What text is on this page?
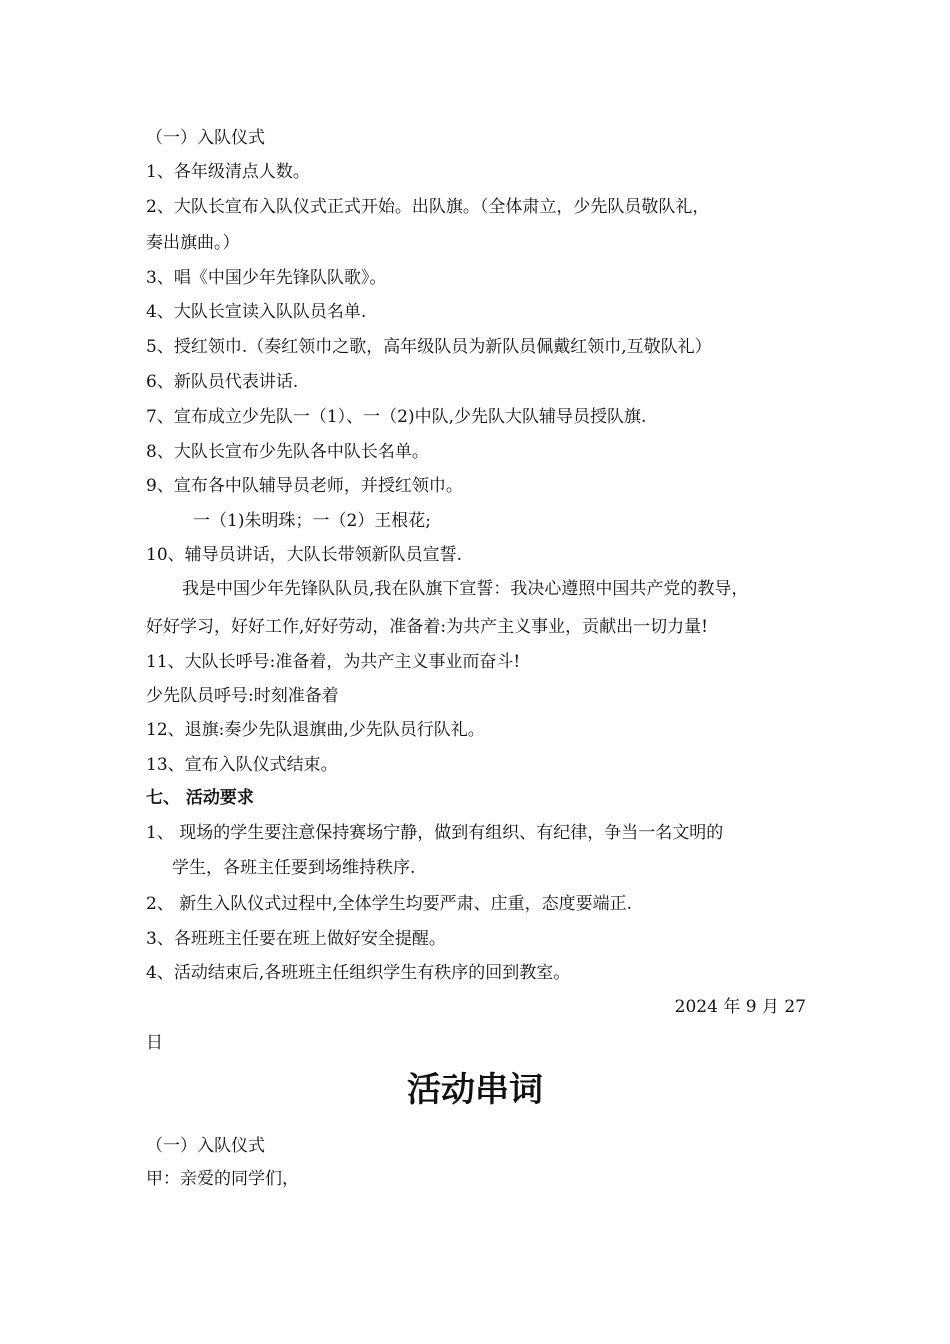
（一）入队仪式
1、各年级清点人数。
2、大队长宣布入队仪式正式开始。出队旗。（全体肃立，少先队员敬队礼，
奏出旗曲。）
3、唱《中国少年先锋队队歌》。
4、大队长宣读入队队员名单.
5、授红领巾.（奏红领巾之歌，高年级队员为新队员佩戴红领巾,互敬队礼）
6、新队员代表讲话.
7、宣布成立少先队一（1）、一（2)中队,少先队大队辅导员授队旗.
8、大队长宣布少先队各中队长名单。
9、宣布各中队辅导员老师，并授红领巾。
一（1)朱明珠；一（2）王根花;
10、辅导员讲话，大队长带领新队员宣誓.
我是中国少年先锋队队员,我在队旗下宣誓：我决心遵照中国共产党的教导，
好好学习，好好工作,好好劳动，准备着:为共产主义事业，贡献出一切力量!
11、大队长呼号:准备着，为共产主义事业而奋斗!
少先队员呼号:时刻准备着
12、退旗:奏少先队退旗曲,少先队员行队礼。
13、宣布入队仪式结束。
七、 活动要求
1、 现场的学生要注意保持赛场宁静，做到有组织、有纪律，争当一名文明的
学生，各班主任要到场维持秩序.
2、 新生入队仪式过程中,全体学生均要严肃、庄重，态度要端正.
3、各班班主任要在班上做好安全提醒。
4、活动结束后,各班班主任组织学生有秩序的回到教室。
2024 年 9 月 27
日
活动串词
（一）入队仪式
甲：亲爱的同学们，
